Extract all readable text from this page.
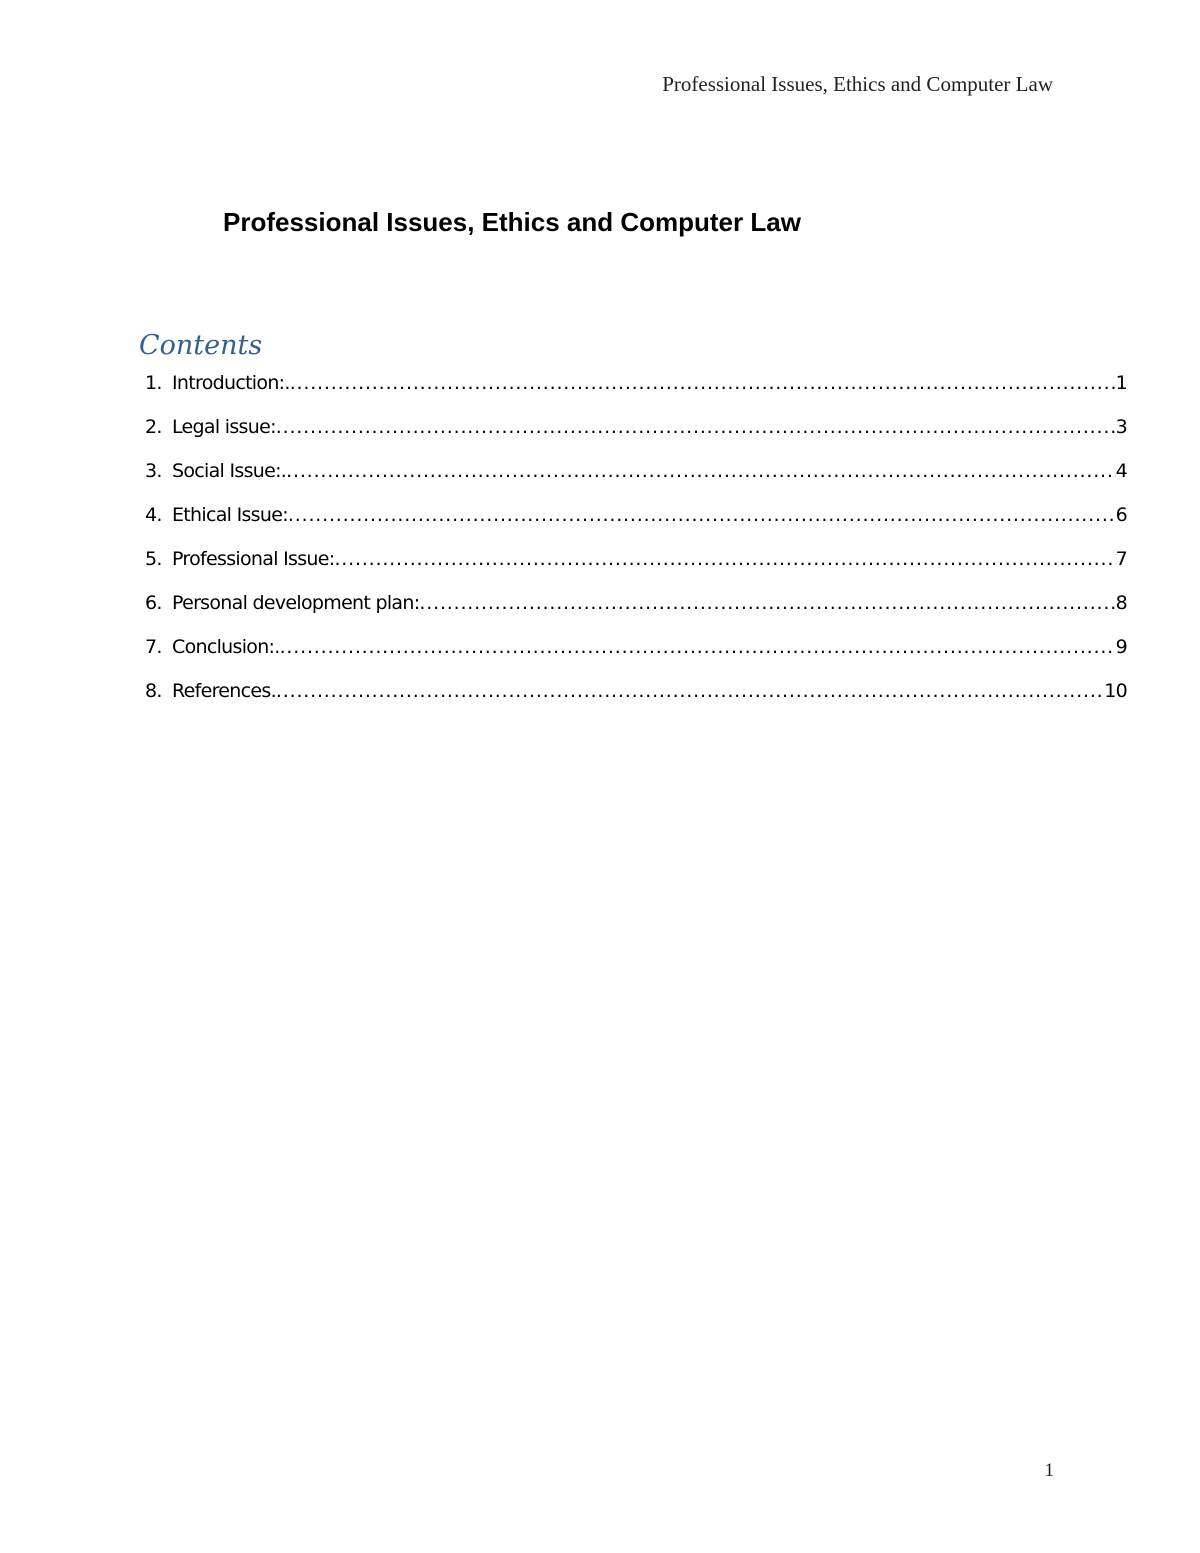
Professional Issues, Ethics and Computer Law
Professional Issues, Ethics and Computer Law
Contents
1. Introduction:. .....	1
2. Legal issue: .....	3
3. Social Issue:. .....	4
4. Ethical Issue: .....	6
5. Professional Issue: .....	7
6. Personal development plan: .....	8
7. Conclusion:. .....	9
8. References. .....	10
1
